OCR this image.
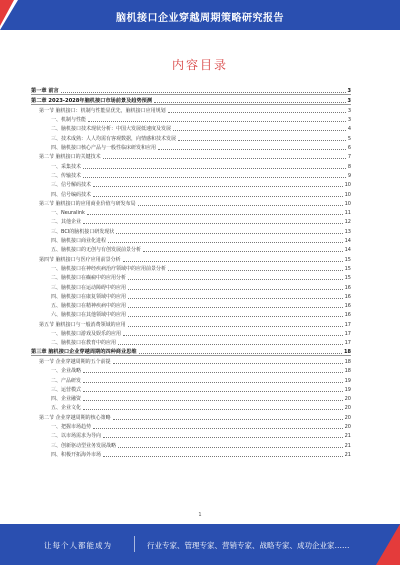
脑机接口企业穿越周期策略研究报告
内容目录
第一章 前言	3
第二章 2023-2028年脑机接口市场前景及趋势预测	3
第一节 脑机接口：机制与性能显优先，脑机接口应用规划	3
一、机制与性能	3
二、脑机接口技术现状分析：中国大发展低速度及发展	4
三、技术成熟：人人均需有客观数据，向情感和技术发展	5
四、脑机接口核心产品与一般性临床研发和应用	6
第二节 脑机接口的关键技术	7
一、采集技术	8
二、传输技术	9
三、信号解码技术	10
四、信号编码技术	10
第三节 脑机接口的应用商业价值与研发布局	10
一、Neuralink	11
二、其他企业	12
三、BCI的脑机接口研发现状	13
四、脑机接口商业化进程	14
五、脑机接口的无创与有创发展前景分析	14
第四节 脑机接口与医疗应用前景分析	15
一、脑机接口在神经疾病治疗领域中的应用前景分析	15
二、脑机接口在癫痫中的应用分析	15
三、脑机接口在运动障碍中的应用	16
四、脑机接口在康复领域中的应用	16
五、脑机接口在精神疾病中的应用	16
六、脑机接口在其他领域中的应用	16
第五节 脑机接口与一般消费领域的应用	17
一、脑机接口游戏及娱乐的应用	17
二、脑机接口在教育中的应用	17
第三章 脑机接口企业穿越周期的四种商业思维	18
第一节 企业穿越周期的五个前提	18
一、企业战略	18
二、产品研发	19
三、运营模式	19
四、企业融资	20
五、企业文化	20
第二节 企业穿越周期的核心策略	20
一、把握市场趋势	20
二、以市场需求为导向	21
三、创新驱动型业务发展战略	21
四、积极开拓海外市场	21
1
让每个人都能成为	行业专家、管理专家、营销专家、战略专家、成功企业家……
